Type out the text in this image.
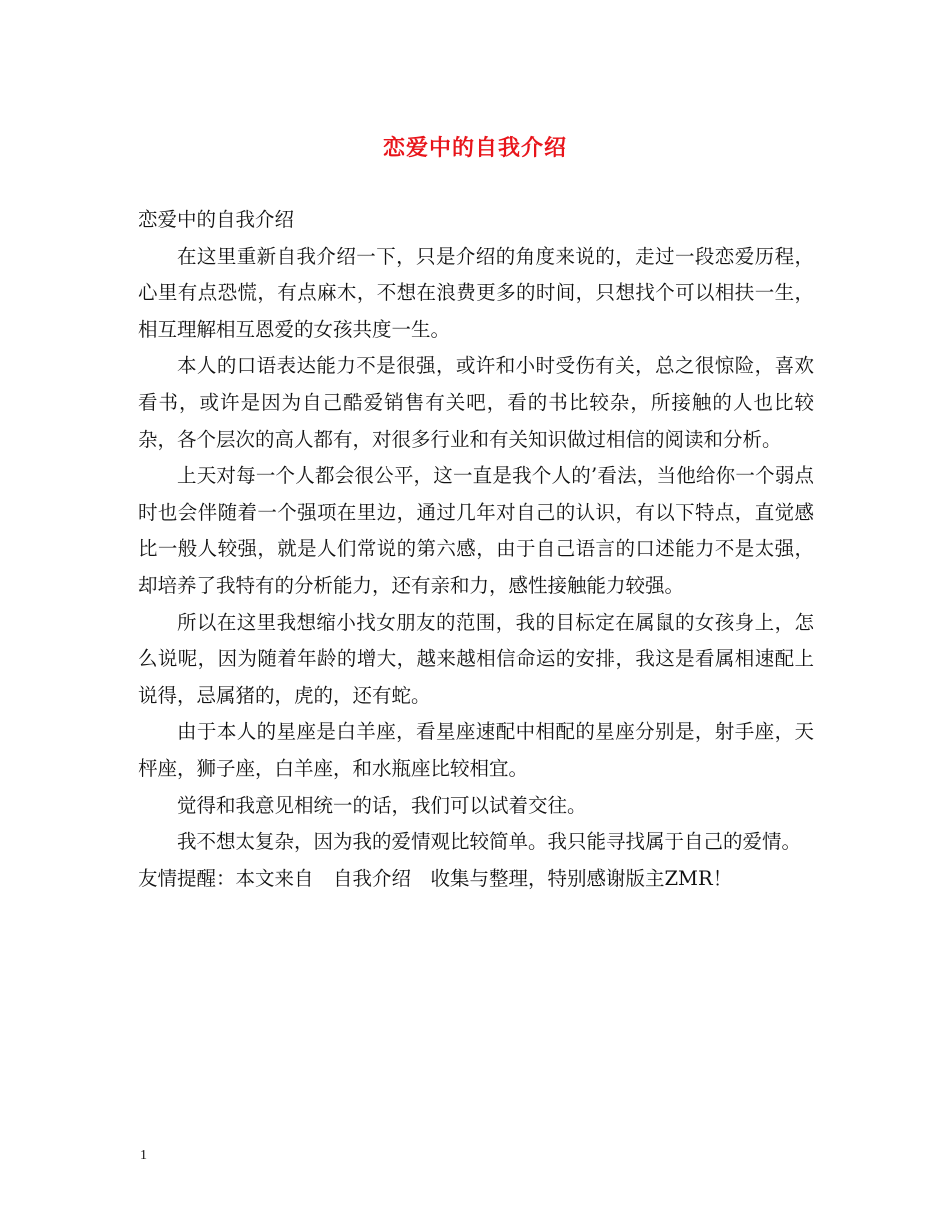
恋爱中的自我介绍

恋爱中的自我介绍

在这里重新自我介绍一下，只是介绍的角度来说的，走过一段恋爱历程，心里有点恐慌，有点麻木，不想在浪费更多的时间，只想找个可以相扶一生，相互理解相互恩爱的女孩共度一生。

本人的口语表达能力不是很强，或许和小时受伤有关，总之很惊险，喜欢看书，或许是因为自己酷爱销售有关吧，看的书比较杂，所接触的人也比较杂，各个层次的高人都有，对很多行业和有关知识做过相信的阅读和分析。

上天对每一个人都会很公平，这一直是我个人的’看法，当他给你一个弱点时也会伴随着一个强项在里边，通过几年对自己的认识，有以下特点，直觉感比一般人较强，就是人们常说的第六感，由于自己语言的口述能力不是太强，却培养了我特有的分析能力，还有亲和力，感性接触能力较强。

所以在这里我想缩小找女朋友的范围，我的目标定在属鼠的女孩身上，怎么说呢，因为随着年龄的增大，越来越相信命运的安排，我这是看属相速配上说得，忌属猪的，虎的，还有蛇。

由于本人的星座是白羊座，看星座速配中相配的星座分别是，射手座，天枰座，狮子座，白羊座，和水瓶座比较相宜。

觉得和我意见相统一的话，我们可以试着交往。

我不想太复杂，因为我的爱情观比较简单。我只能寻找属于自己的爱情。

友情提醒：本文来自　自我介绍　收集与整理，特别感谢版主ZMR！

1
